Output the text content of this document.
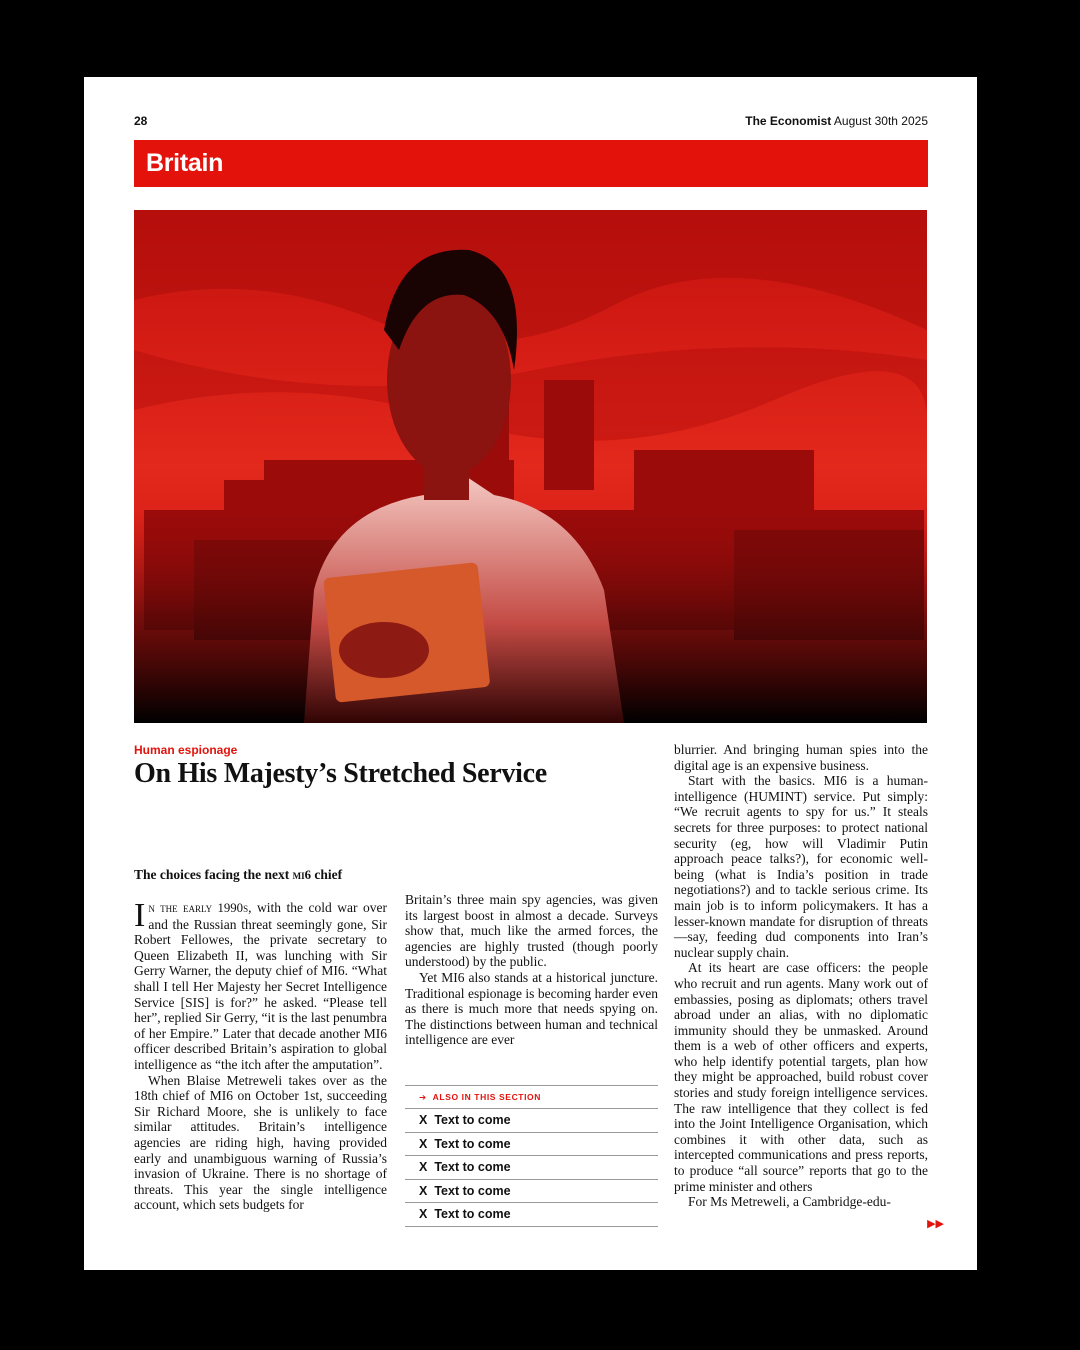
28	The Economist August 30th 2025
Britain
Human espionage
On His Majesty’s Stretched Service
The choices facing the next mi6 chief

In the early 1990s, with the cold war over and the Russian threat seemingly gone, Sir Robert Fellowes, the private secretary to Queen Elizabeth II, was lunching with Sir Gerry Warner, the deputy chief of MI6. “What shall I tell Her Majesty her Secret Intelligence Service [SIS] is for?” he asked. “Please tell her”, replied Sir Gerry, “it is the last penumbra of her Empire.” Later that decade another MI6 officer described Britain’s aspiration to global intelligence as “the itch after the amputation”.

When Blaise Metreweli takes over as the 18th chief of MI6 on October 1st, succeeding Sir Richard Moore, she is unlikely to face similar attitudes. Britain’s intelligence agencies are riding high, having provided early and unambiguous warning of Russia’s invasion of Ukraine. There is no shortage of threats. This year the single intelligence account, which sets budgets for

Britain’s three main spy agencies, was given its largest boost in almost a decade. Surveys show that, much like the armed forces, the agencies are highly trusted (though poorly understood) by the public.

Yet MI6 also stands at a historical juncture. Traditional espionage is becoming harder even as there is much more that needs spying on. The distinctions between human and technical intelligence are ever

➔ ALSO IN THIS SECTION
X Text to come
X Text to come
X Text to come
X Text to come
X Text to come

blurrier. And bringing human spies into the digital age is an expensive business.

Start with the basics. MI6 is a human-intelligence (HUMINT) service. Put simply: “We recruit agents to spy for us.” It steals secrets for three purposes: to protect national security (eg, how will Vladimir Putin approach peace talks?), for economic well-being (what is India’s position in trade negotiations?) and to tackle serious crime. Its main job is to inform policymakers. It has a lesser-known mandate for disruption of threats—say, feeding dud components into Iran’s nuclear supply chain.

At its heart are case officers: the people who recruit and run agents. Many work out of embassies, posing as diplomats; others travel abroad under an alias, with no diplomatic immunity should they be unmasked. Around them is a web of other officers and experts, who help identify potential targets, plan how they might be approached, build robust cover stories and study foreign intelligence services. The raw intelligence that they collect is fed into the Joint Intelligence Organisation, which combines it with other data, such as intercepted communications and press reports, to produce “all source” reports that go to the prime minister and others

For Ms Metreweli, a Cambridge-edu-

▶▶
